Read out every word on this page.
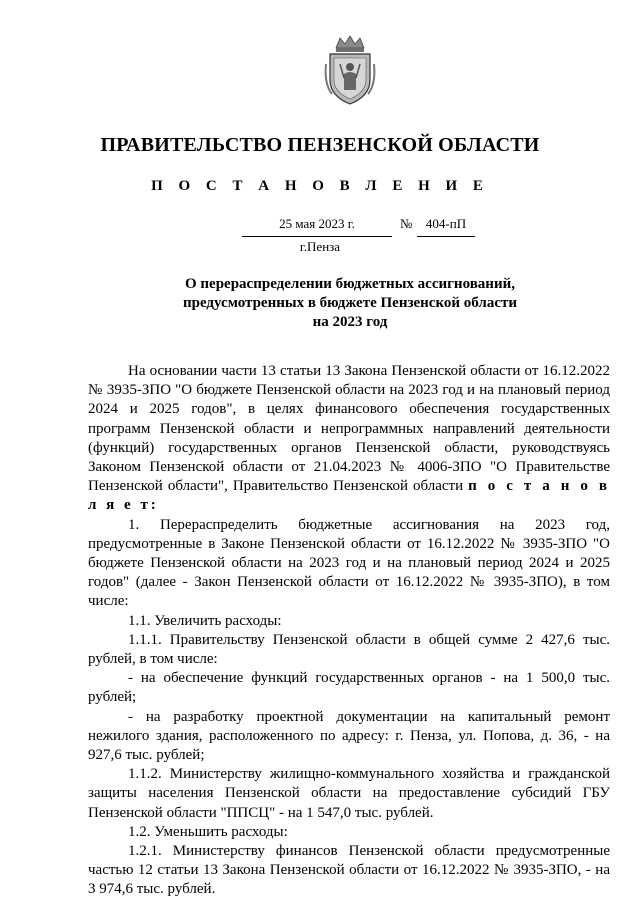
ПРАВИТЕЛЬСТВО ПЕНЗЕНСКОЙ ОБЛАСТИ
П О С Т А Н О В Л Е Н И Е
25 мая 2023 г.	№	404-пП
г.Пенза
О перераспределении бюджетных ассигнований,
предусмотренных в бюджете Пензенской области
на 2023 год

На основании части 13 статьи 13 Закона Пензенской области от 16.12.2022 № 3935-ЗПО "О бюджете Пензенской области на 2023 год и на плановый период 2024 и 2025 годов", в целях финансового обеспечения государственных программ Пензенской области и непрограммных направлений деятельности (функций) государственных органов Пензенской области, руководствуясь Законом Пензенской области от 21.04.2023 № 4006-ЗПО "О Правительстве Пензенской области", Правительство Пензенской области п о с т а н о в л я е т:

1. Перераспределить бюджетные ассигнования на 2023 год, предусмотренные в Законе Пензенской области от 16.12.2022 № 3935-ЗПО "О бюджете Пензенской области на 2023 год и на плановый период 2024 и 2025 годов" (далее - Закон Пензенской области от 16.12.2022 № 3935-ЗПО), в том числе:

1.1. Увеличить расходы:

1.1.1. Правительству Пензенской области в общей сумме 2 427,6 тыс. рублей, в том числе:

- на обеспечение функций государственных органов - на 1 500,0 тыс. рублей;

- на разработку проектной документации на капитальный ремонт нежилого здания, расположенного по адресу: г. Пенза, ул. Попова, д. 36, - на 927,6 тыс. рублей;

1.1.2. Министерству жилищно-коммунального хозяйства и гражданской защиты населения Пензенской области на предоставление субсидий ГБУ Пензенской области "ППСЦ" - на 1 547,0 тыс. рублей.

1.2. Уменьшить расходы:

1.2.1. Министерству финансов Пензенской области предусмотренные частью 12 статьи 13 Закона Пензенской области от 16.12.2022 № 3935-ЗПО, - на 3 974,6 тыс. рублей.
